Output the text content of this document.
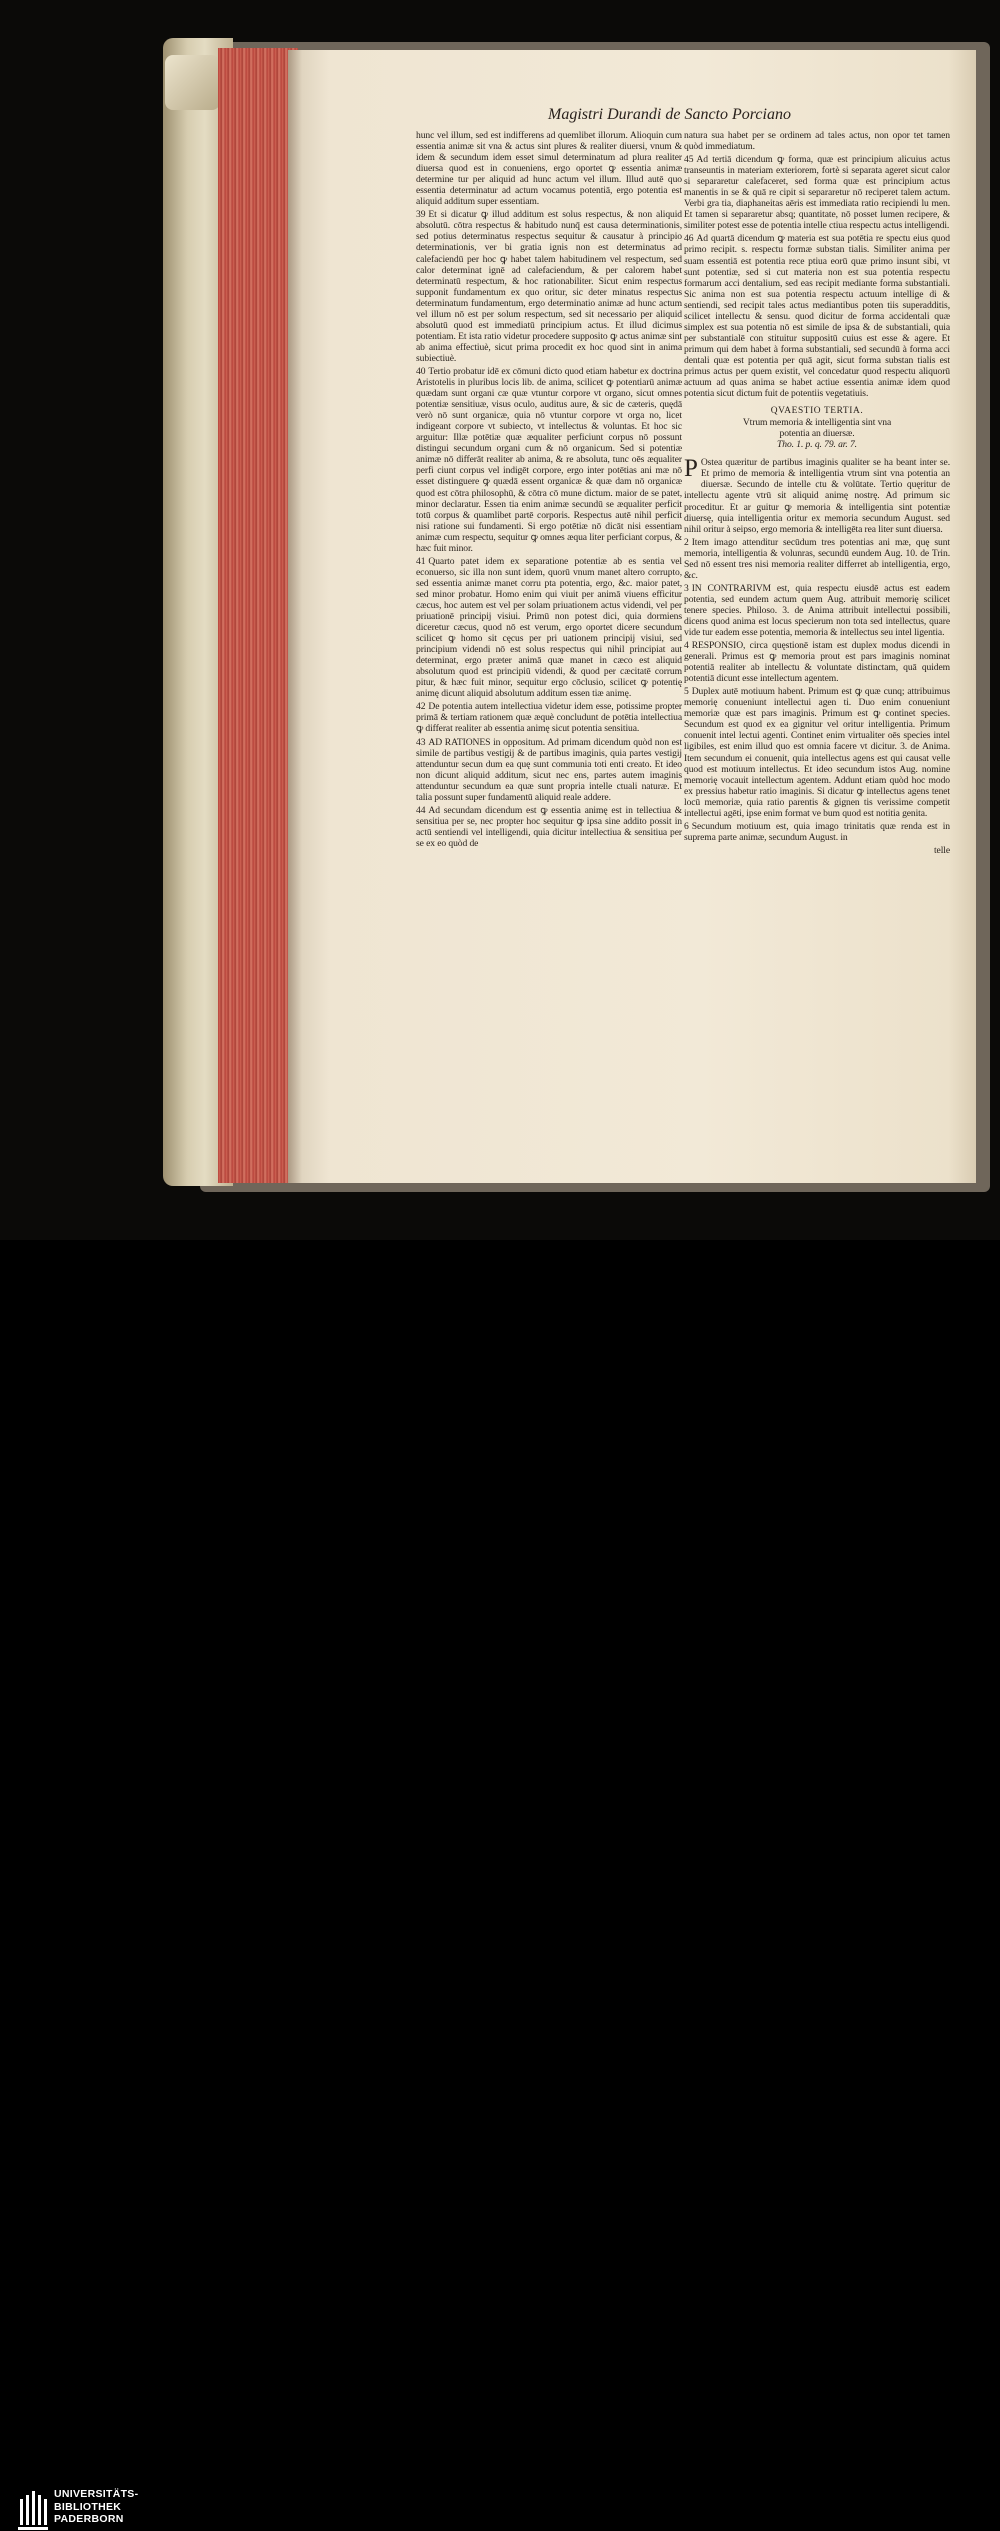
Magistri Durandi de Sancto Porciano

hunc vel illum, sed est indifferens ad quemlibet illorum. Alioquin cum essentia animæ sit vna & actus sint plures & realiter diuersi, vnum & idem & secundum idem esset simul determinatum ad plura realiter diuersa quod est in conueniens, ergo oportet ꝙ essentia animæ determine tur per aliquid ad hunc actum vel illum. Illud autē quo essentia determinatur ad actum vocamus potentiā, ergo potentia est aliquid additum super essentiam.

39 Et si dicatur ꝙ illud additum est solus respectus, & non aliquid absolutū. cōtra respectus & habitudo nunq̄ est causa determinationis, sed potius determinatus respectus sequitur & causatur à principio determinationis, ver bi gratia ignis non est determinatus ad calefaciendū per hoc ꝙ habet talem habitudinem vel respectum, sed calor determinat ignē ad calefaciendum, & per calorem habet determinatū respectum, & hoc rationabiliter. Sicut enim respectus supponit fundamentum ex quo oritur, sic deter minatus respectus determinatum fundamentum, ergo determinatio animæ ad hunc actum vel illum nō est per solum respectum, sed sit necessario per aliquid absolutū quod est immediatū principium actus. Et illud dicimus potentiam. Et ista ratio videtur procedere supposito ꝙ actus animæ sint ab anima effectiuè, sicut prima procedit ex hoc quod sint in anima subiectiuè.

40 Tertio probatur idē ex cōmuni dicto quod etiam habetur ex doctrina Aristotelis in pluribus locis lib. de anima, scilicet ꝙ potentiarū animæ quædam sunt organi cæ quæ vtuntur corpore vt organo, sicut omnes potentiæ sensitiuæ, visus oculo, auditus aure, & sic de cæteris, quędā verò nō sunt organicæ, quia nō vtuntur corpore vt orga no, licet indigeant corpore vt subiecto, vt intellectus & voluntas. Et hoc sic arguitur: Illæ potētiæ quæ æqualiter perficiunt corpus nō possunt distingui secundum organi cum & nō organicum. Sed si potentiæ animæ nō differāt realiter ab anima, & re absoluta, tunc oēs æqualiter perfi ciunt corpus vel indigēt corpore, ergo inter potētias ani mæ nō esset distinguere ꝙ quædā essent organicæ & quæ dam nō organicæ quod est cōtra philosophū, & cōtra cō mune dictum. maior de se patet, minor declaratur. Essen tia enim animæ secundū se æqualiter perficit totū corpus & quamlibet partē corporis. Respectus autē nihil perficit nisi ratione sui fundamenti. Si ergo potētiæ nō dicāt nisi essentiam animæ cum respectu, sequitur ꝙ omnes æqua liter perficiant corpus, & hæc fuit minor.

41 Quarto patet idem ex separatione potentiæ ab es sentia vel econuerso, sic illa non sunt idem, quorū vnum manet altero corrupto, sed essentia animæ manet corru pta potentia, ergo, &c. maior patet, sed minor probatur. Homo enim qui viuit per animā viuens efficitur cæcus, hoc autem est vel per solam priuationem actus videndi, vel per priuationē principij visiui. Primū non potest dici, quia dormiens diceretur cæcus, quod nō est verum, ergo oportet dicere secundum scilicet ꝙ homo sit cęcus per pri uationem principij visiui, sed principium videndi nō est solus respectus qui nihil principiat aut determinat, ergo præter animā quæ manet in cæco est aliquid absolutum quod est principiū videndi, & quod per cæcitatē corrum pitur, & hæc fuit minor, sequitur ergo cōclusio, scilicet ꝙ potentię animę dicunt aliquid absolutum additum essen tiæ animę.

42 De potentia autem intellectiua videtur idem esse, potissime propter primā & tertiam rationem quæ æquè concludunt de potētia intellectiua ꝙ differat realiter ab essentia animę sicut potentia sensitiua.

43 AD RATIONES in oppositum. Ad primam dicendum quòd non est simile de partibus vestigij & de partibus imaginis, quia partes vestigij attenduntur secun dum ea quę sunt communia toti enti creato. Et ideo non dicunt aliquid additum, sicut nec ens, partes autem imaginis attenduntur secundum ea quæ sunt propria intelle ctuali naturæ. Et talia possunt super fundamentū aliquid reale addere.

44 Ad secundam dicendum est ꝙ essentia animę est in tellectiua & sensitiua per se, nec propter hoc sequitur ꝙ ipsa sine addito possit in actū sentiendi vel intelligendi, quia dicitur intellectiua & sensitiua per se ex eo quòd de

natura sua habet per se ordinem ad tales actus, non opor tet tamen quòd immediatum.

45 Ad tertiā dicendum ꝙ forma, quæ est principium alicuius actus transeuntis in materiam exteriorem, fortè si separata ageret sicut calor si separaretur calefaceret, sed forma quæ est principium actus manentis in se & quā re cipit si separaretur nō reciperet talem actum. Verbi gra tia, diaphaneitas aēris est immediata ratio recipiendi lu men. Et tamen si separaretur absq; quantitate, nō posset lumen recipere, & similiter potest esse de potentia intelle ctiua respectu actus intelligendi.

46 Ad quartā dicendum ꝙ materia est sua potētia re spectu eius quod primo recipit. s. respectu formæ substan tialis. Similiter anima per suam essentiā est potentia rece ptiua eorū quæ primo insunt sibi, vt sunt potentiæ, sed si cut materia non est sua potentia respectu formarum acci dentalium, sed eas recipit mediante forma substantiali. Sic anima non est sua potentia respectu actuum intellige di & sentiendi, sed recipit tales actus mediantibus poten tiis superadditis, scilicet intellectu & sensu. quod dicitur de forma accidentali quæ simplex est sua potentia nō est simile de ipsa & de substantiali, quia per substantialē con stituitur suppositū cuius est esse & agere. Et primum qui dem habet à forma substantiali, sed secundū à forma acci dentali quæ est potentia per quā agit, sicut forma substan tialis est primus actus per quem existit, vel concedatur quod respectu aliquorū actuum ad quas anima se habet actiue essentia animæ idem quod potentia sicut dictum fuit de potentiis vegetatiuis.

QVAESTIO TERTIA.
Vtrum memoria & intelligentia sint vna
potentia an diuersæ.
Tho. 1. p. q. 79. ar. 7.

P Ostea quæritur de partibus imaginis qualiter se ha beant inter se. Et primo de memoria & intelligentia vtrum sint vna potentia an diuersæ. Secundo de intelle ctu & volūtate. Tertio quęritur de intellectu agente vtrū sit aliquid animę nostrę. Ad primum sic proceditur. Et ar guitur ꝙ memoria & intelligentia sint potentiæ diuersę, quia intelligentia oritur ex memoria secundum August. sed nihil oritur à seipso, ergo memoria & intelligēta rea liter sunt diuersa.

2 Item imago attenditur secūdum tres potentias ani mæ, quę sunt memoria, intelligentia & volunras, secundū eundem Aug. 10. de Trin. Sed nō essent tres nisi memoria realiter differret ab intelligentia, ergo, &c.

3 IN CONTRARIVM est, quia respectu eiusdē actus est eadem potentia, sed eundem actum quem Aug. attribuit memorię scilicet tenere species. Philoso. 3. de Anima attribuit intellectui possibili, dicens quod anima est locus specierum non tota sed intellectus, quare vide tur eadem esse potentia, memoria & intellectus seu intel ligentia.

4 RESPONSIO, circa quęstionē istam est duplex modus dicendi in generali. Primus est ꝙ memoria prout est pars imaginis nominat potentiā realiter ab intellectu & voluntate distinctam, quā quidem potentiā dicunt esse intellectum agentem.

5 Duplex autē motiuum habent. Primum est ꝙ quæ cunq; attribuimus memorię conueniunt intellectui agen ti. Duo enim conueniunt memoriæ quæ est pars imaginis. Primum est ꝙ continet species. Secundum est quod ex ea gignitur vel oritur intelligentia. Primum conuenit intel lectui agenti. Continet enim virtualiter oēs species intel ligibiles, est enim illud quo est omnia facere vt dicitur. 3. de Anima. Item secundum ei conuenit, quia intellectus agens est qui causat velle quod est motiuum intellectus. Et ideo secundum istos Aug. nomine memorię vocauit intellectum agentem. Addunt etiam quòd hoc modo ex pressius habetur ratio imaginis. Si dicatur ꝙ intellectus agens tenet locū memoriæ, quia ratio parentis & gignen tis verissime competit intellectui agēti, ipse enim format ve bum quod est notitia genita.

6 Secundum motiuum est, quia imago trinitatis quæ renda est in suprema parte animæ, secundum August. in

telle
UNIVERSITÄTS-
BIBLIOTHEK
PADERBORN
